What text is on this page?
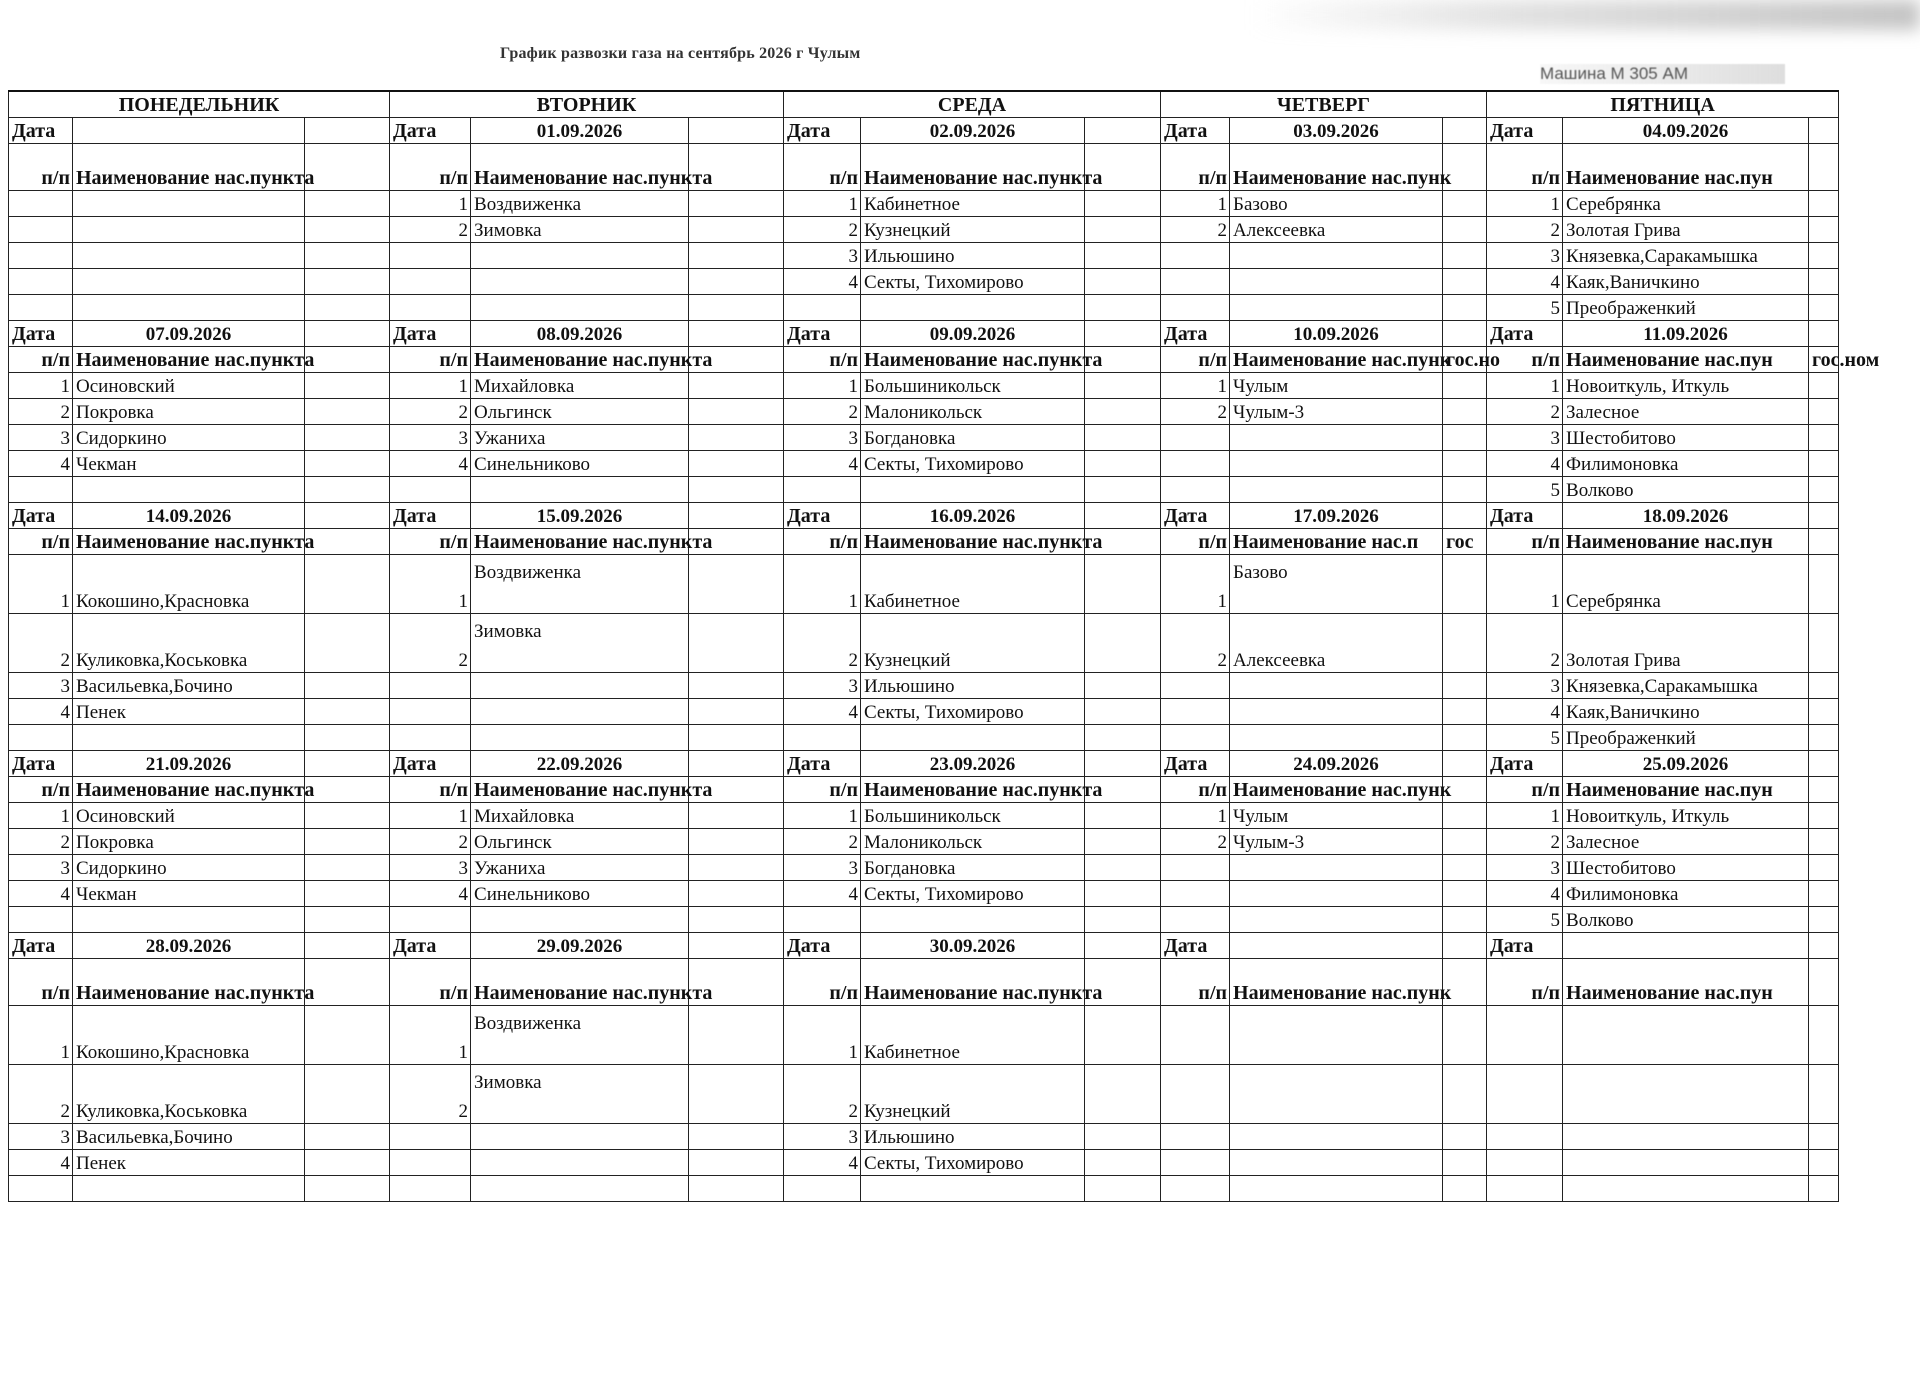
График развозки газа на сентябрь 2026 г Чулым
Машина М 305 АМ
ПОНЕДЕЛЬНИК			ВТОРНИК			СРЕДА			ЧЕТВЕРГ			ПЯТНИЦА		
Дата			Дата	01.09.2026		Дата	02.09.2026		Дата	03.09.2026		Дата	04.09.2026	
п/п	Наименование нас.пункта		п/п	Наименование нас.пункта		п/п	Наименование нас.пункта		п/п	Наименование нас.пунк		п/п	Наименование нас.пун	
			1	Воздвиженка		1	Кабинетное		1	Базово		1	Серебрянка	
			2	Зимовка		2	Кузнецкий		2	Алексеевка		2	Золотая Грива	
						3	Ильюшино					3	Князевка,Саракамышка	
						4	Секты, Тихомирово					4	Каяк,Ваничкино	
												5	Преображенкий	
Дата	07.09.2026		Дата	08.09.2026		Дата	09.09.2026		Дата	10.09.2026		Дата	11.09.2026	
п/п	Наименование нас.пункта		п/п	Наименование нас.пункта		п/п	Наименование нас.пункта		п/п	Наименование нас.пунк	гос.но	п/п	Наименование нас.пун	гос.ном
1	Осиновский		1	Михайловка		1	Большиникольск		1	Чулым		1	Новоиткуль, Иткуль	
2	Покровка		2	Ольгинск		2	Малоникольск		2	Чулым-3		2	Залесное	
3	Сидоркино		3	Ужаниха		3	Богдановка					3	Шестобитово	
4	Чекман		4	Синельниково		4	Секты, Тихомирово					4	Филимоновка	
												5	Волково	
Дата	14.09.2026		Дата	15.09.2026		Дата	16.09.2026		Дата	17.09.2026		Дата	18.09.2026	
п/п	Наименование нас.пункта		п/п	Наименование нас.пункта		п/п	Наименование нас.пункта		п/п	Наименование нас.п	гос	п/п	Наименование нас.пун	
1	Кокошино,Красновка		1	Воздвиженка		1	Кабинетное		1	Базово		1	Серебрянка	
2	Куликовка,Коськовка		2	Зимовка		2	Кузнецкий		2	Алексеевка		2	Золотая Грива	
3	Васильевка,Бочино					3	Ильюшино					3	Князевка,Саракамышка	
4	Пенек					4	Секты, Тихомирово					4	Каяк,Ваничкино	
												5	Преображенкий	
Дата	21.09.2026		Дата	22.09.2026		Дата	23.09.2026		Дата	24.09.2026		Дата	25.09.2026	
п/п	Наименование нас.пункта		п/п	Наименование нас.пункта		п/п	Наименование нас.пункта		п/п	Наименование нас.пунк		п/п	Наименование нас.пун	
1	Осиновский		1	Михайловка		1	Большиникольск		1	Чулым		1	Новоиткуль, Иткуль	
2	Покровка		2	Ольгинск		2	Малоникольск		2	Чулым-3		2	Залесное	
3	Сидоркино		3	Ужаниха		3	Богдановка					3	Шестобитово	
4	Чекман		4	Синельниково		4	Секты, Тихомирово					4	Филимоновка	
												5	Волково	
Дата	28.09.2026		Дата	29.09.2026		Дата	30.09.2026		Дата			Дата		
п/п	Наименование нас.пункта		п/п	Наименование нас.пункта		п/п	Наименование нас.пункта		п/п	Наименование нас.пунк		п/п	Наименование нас.пун	
1	Кокошино,Красновка		1	Воздвиженка		1	Кабинетное							
2	Куликовка,Коськовка		2	Зимовка		2	Кузнецкий							
3	Васильевка,Бочино					3	Ильюшино							
4	Пенек					4	Секты, Тихомирово							
